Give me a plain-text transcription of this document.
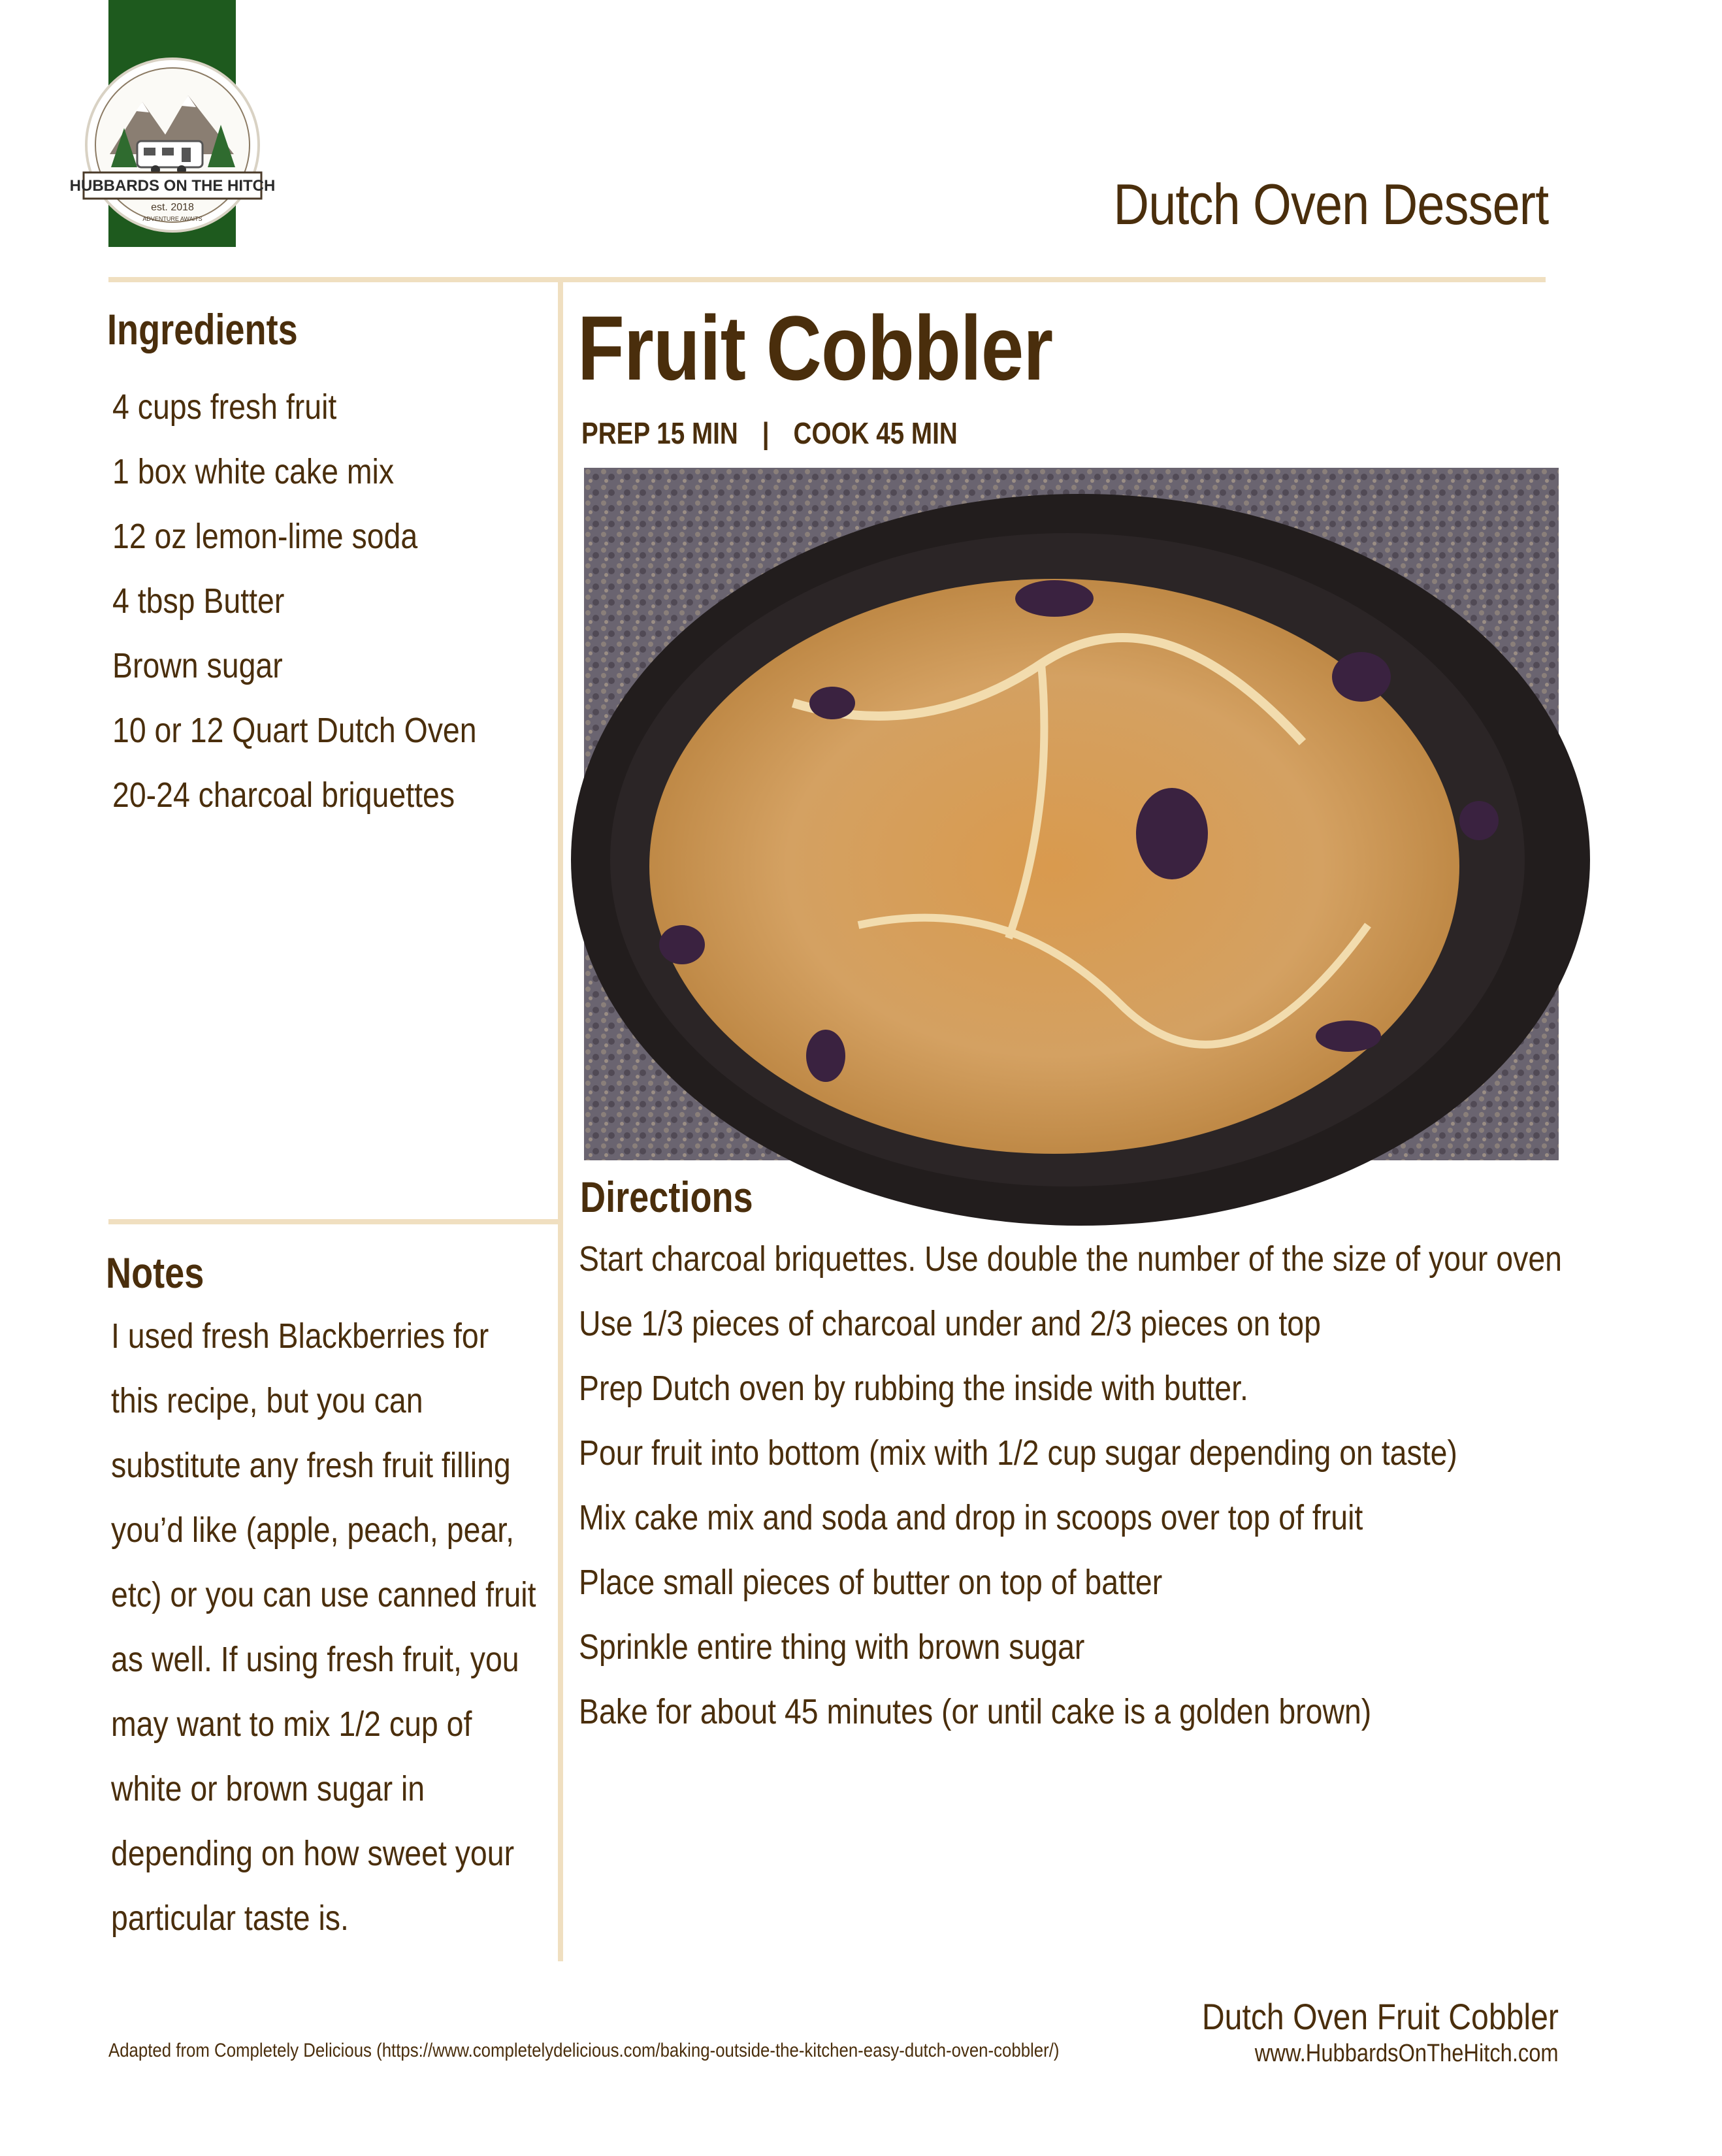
HUBBARDS ON THE HITCH
est. 2018
ADVENTURE AWAITS	Dutch Oven Dessert
Ingredients
4 cups fresh fruit
1 box white cake mix
12 oz lemon-lime soda
4 tbsp Butter
Brown sugar
10 or 12 Quart Dutch Oven
20-24 charcoal briquettes
Fruit Cobbler
PREP 15 MIN | COOK 45 MIN
Directions
Start charcoal briquettes. Use double the number of the size of your oven
Use 1/3 pieces of charcoal under and 2/3 pieces on top
Prep Dutch oven by rubbing the inside with butter.
Pour fruit into bottom (mix with 1/2 cup sugar depending on taste)
Mix cake mix and soda and drop in scoops over top of fruit
Place small pieces of butter on top of batter
Sprinkle entire thing with brown sugar
Bake for about 45 minutes (or until cake is a golden brown)
Notes
I used fresh Blackberries for
this recipe, but you can
substitute any fresh fruit filling
you’d like (apple, peach, pear,
etc) or you can use canned fruit
as well. If using fresh fruit, you
may want to mix 1/2 cup of
white or brown sugar in
depending on how sweet your
particular taste is.
Adapted from Completely Delicious (https://www.completelydelicious.com/baking-outside-the-kitchen-easy-dutch-oven-cobbler/)
Dutch Oven Fruit Cobbler
www.HubbardsOnTheHitch.com
